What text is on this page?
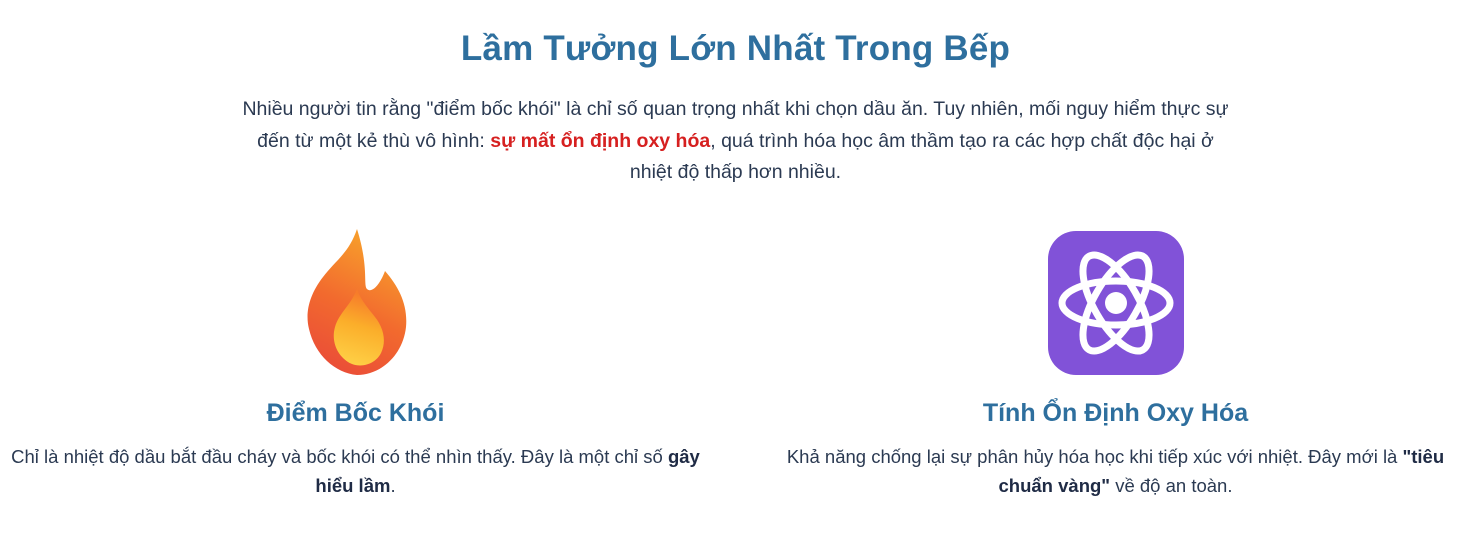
Lầm Tưởng Lớn Nhất Trong Bếp

Nhiều người tin rằng "điểm bốc khói" là chỉ số quan trọng nhất khi chọn dầu ăn. Tuy nhiên, mối nguy hiểm thực sự đến từ một kẻ thù vô hình: sự mất ổn định oxy hóa, quá trình hóa học âm thầm tạo ra các hợp chất độc hại ở nhiệt độ thấp hơn nhiều.

Điểm Bốc Khói
Chỉ là nhiệt độ dầu bắt đầu cháy và bốc khói có thể nhìn thấy. Đây là một chỉ số gây hiểu lầm.
Tính Ổn Định Oxy Hóa
Khả năng chống lại sự phân hủy hóa học khi tiếp xúc với nhiệt. Đây mới là "tiêu chuẩn vàng" về độ an toàn.
